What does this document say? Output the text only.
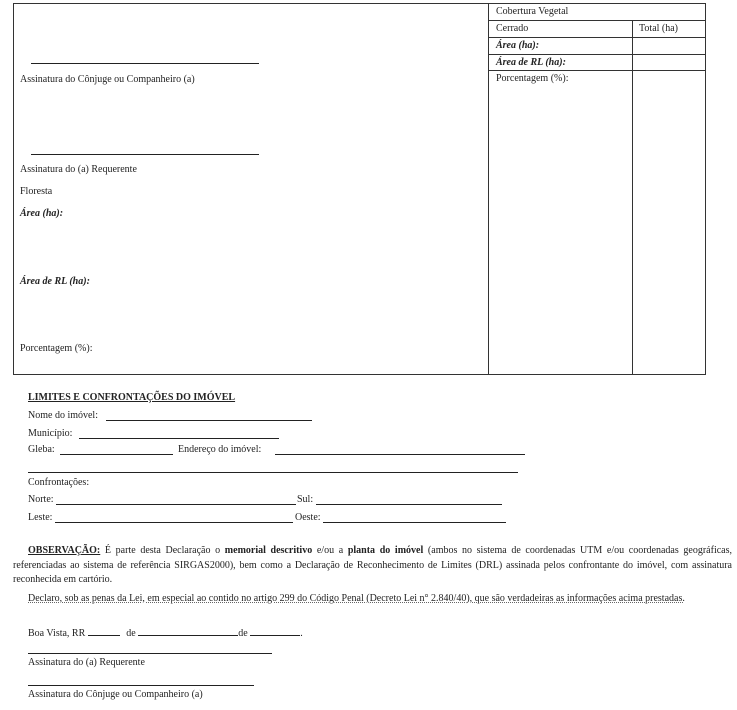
Assinatura do Cônjuge ou Companheiro (a)
Assinatura do (a) Requerente
Floresta
Área (ha):
Área de RL (ha):
Porcentagem (%):
Cobertura Vegetal
Cerrado	Total (ha)
Área (ha):
Área de RL (ha):
Porcentagem (%):
LIMITES E CONFRONTAÇÕES DO IMÓVEL
Nome do imóvel:
Município:
Gleba:	Endereço do imóvel:
Confrontações:
Norte:	Sul:
Leste:	Oeste:
OBSERVAÇÃO: É parte desta Declaração o memorial descritivo e/ou a planta do imóvel (ambos no sistema de coordenadas UTM e/ou coordenadas geográficas, referenciadas ao sistema de referência SIRGAS2000), bem como a Declaração de Reconhecimento de Limites (DRL) assinada pelos confrontante do imóvel, com assinatura reconhecida em cartório.
Declaro, sob as penas da Lei, em especial ao contido no artigo 299 do Código Penal (Decreto Lei n° 2.840/40), que são verdadeiras as informações acima prestadas.
Boa Vista, RR	de	de	.
Assinatura do (a) Requerente
Assinatura do Cônjuge ou Companheiro (a)
